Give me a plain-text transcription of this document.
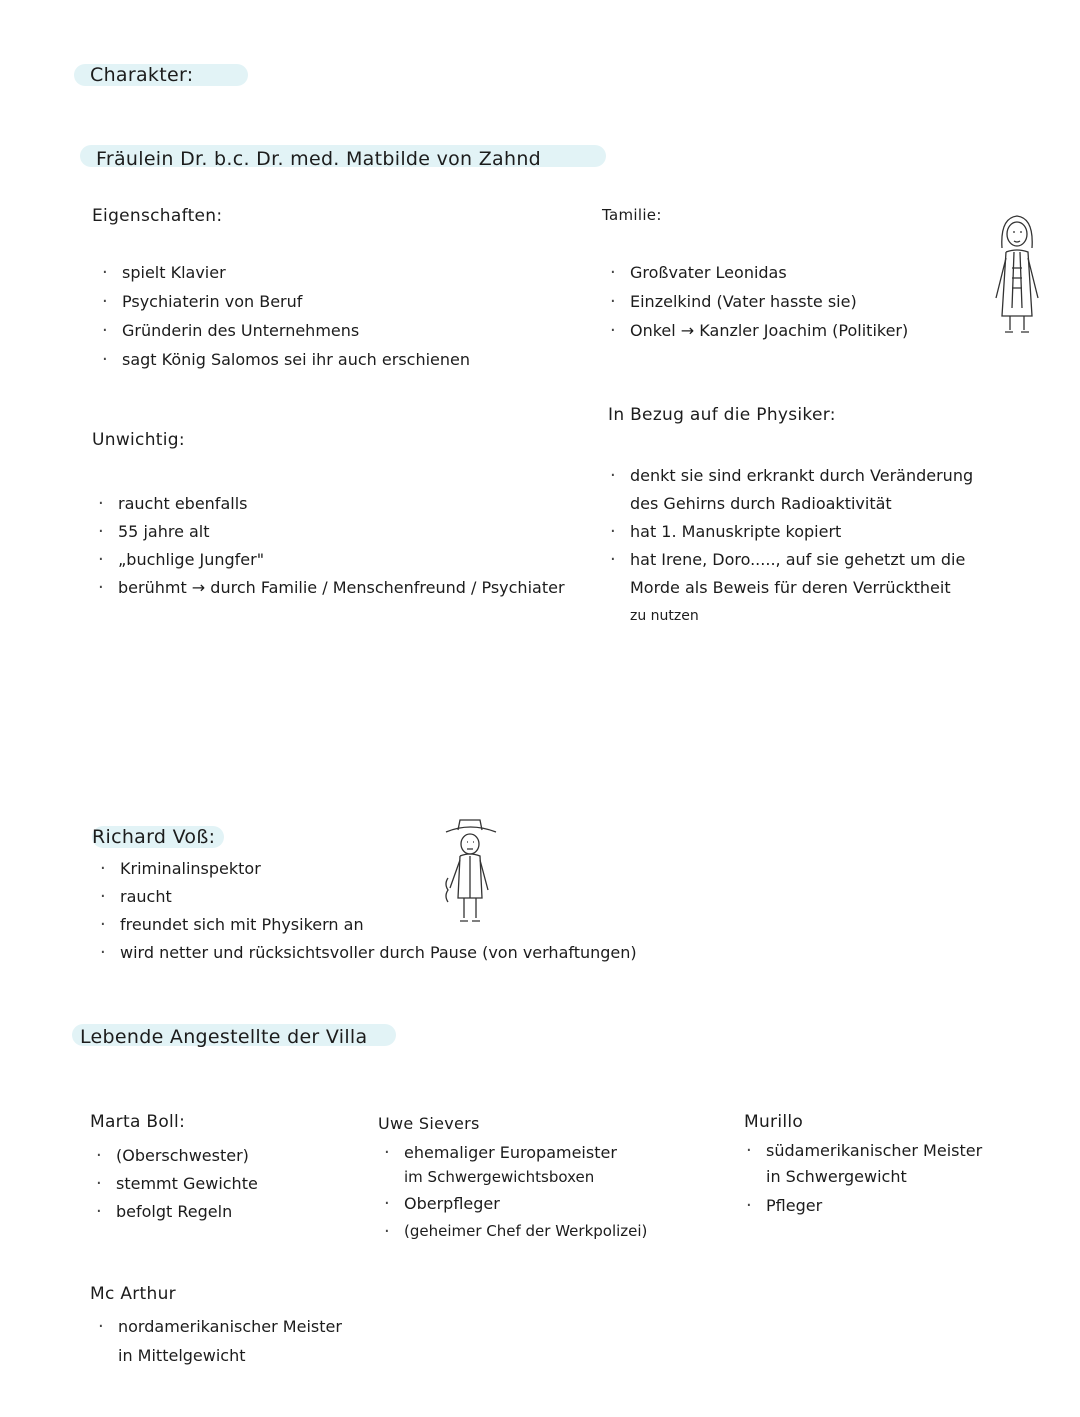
Charakter:
Fräulein Dr. b.c. Dr. med. Matbilde von Zahnd
Eigenschaften:
· spielt Klavier
· Psychiaterin von Beruf
· Gründerin des Unternehmens
· sagt König Salomos sei ihr auch erschienen
Unwichtig:
· raucht ebenfalls
· 55 jahre alt
· „buchlige Jungfer"
· berühmt → durch Familie / Menschenfreund / Psychiater
Tamilie:
· Großvater Leonidas
· Einzelkind (Vater hasste sie)
· Onkel → Kanzler Joachim (Politiker)
In Bezug auf die Physiker:
· denkt sie sind erkrankt durch Veränderung
des Gehirns durch Radioaktivität
· hat 1. Manuskripte kopiert
· hat Irene, Doro....., auf sie gehetzt um die
Morde als Beweis für deren Verrücktheit
zu nutzen
Richard Voß:
· Kriminalinspektor
· raucht
· freundet sich mit Physikern an
· wird netter und rücksichtsvoller durch Pause (von verhaftungen)
Lebende Angestellte der Villa
Marta Boll:
· (Oberschwester)
· stemmt Gewichte
· befolgt Regeln
Uwe Sievers
· ehemaliger Europameister
im Schwergewichtsboxen
· Oberpfleger
· (geheimer Chef der Werkpolizei)
Murillo
· südamerikanischer Meister
in Schwergewicht
· Pfleger
Mc Arthur
· nordamerikanischer Meister
in Mittelgewicht
